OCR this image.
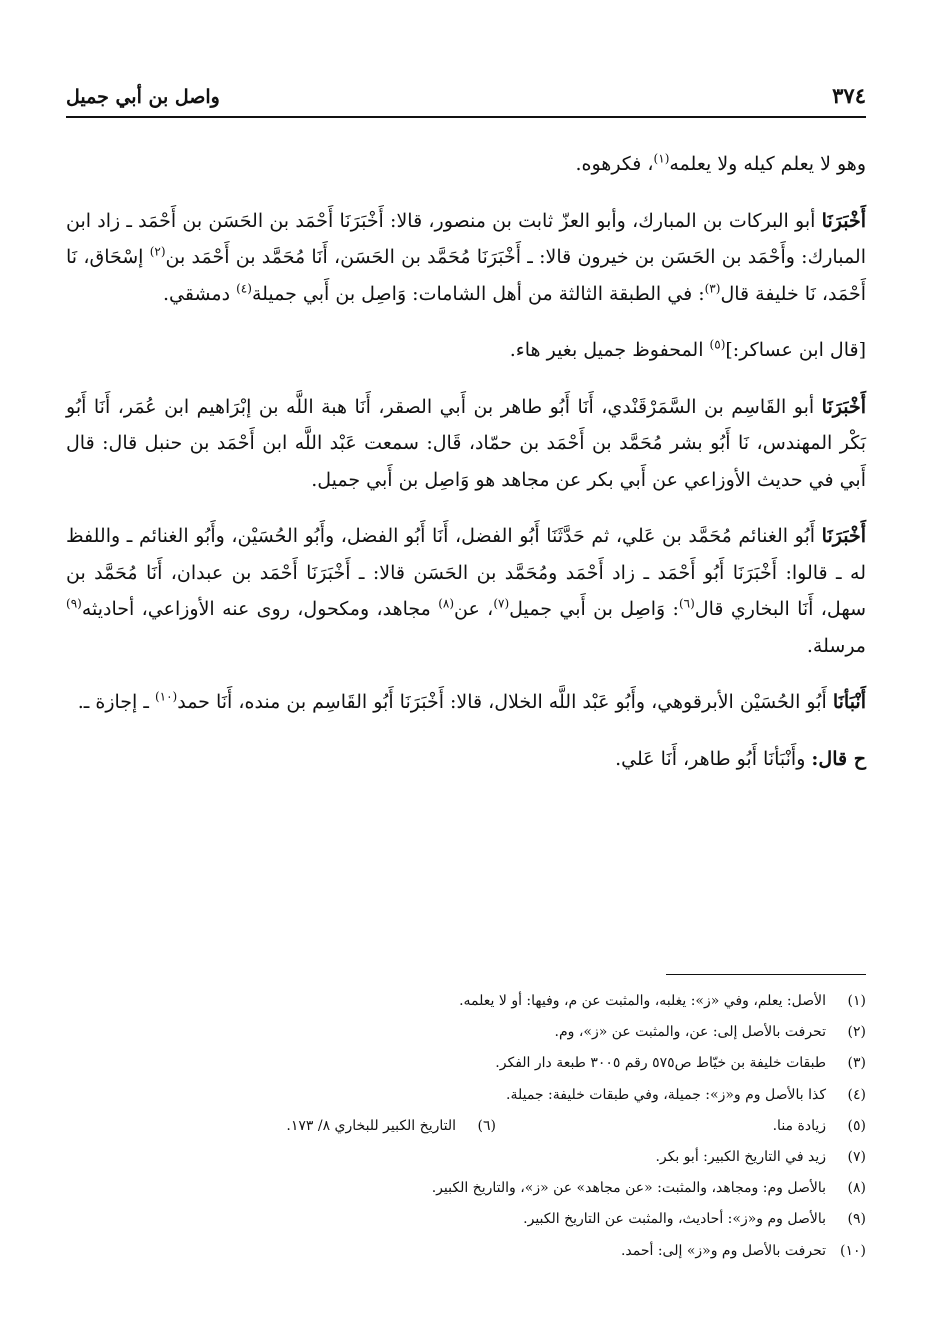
٣٧٤
واصل بن أبي جميل

وهو لا يعلم كيله ولا يعلمه$^{(١)}$، فكرهوه.

أَخْبَرَنَا أبو البركات بن المبارك، وأبو العزّ ثابت بن منصور، قالا: أَخْبَرَنَا أَحْمَد بن الحَسَن بن أَحْمَد ـ زاد ابن المبارك: وأَحْمَد بن الحَسَن بن خيرون قالا: ـ أَخْبَرَنَا مُحَمَّد بن الحَسَن، أَنَا مُحَمَّد بن أَحْمَد بن$^{(٢)}$ إسْحَاق، نَا أَحْمَد، نَا خليفة قال$^{(٣)}$: في الطبقة الثالثة من أهل الشامات: وَاصِل بن أَبي جميلة$^{(٤)}$ دمشقي.

[قال ابن عساكر:]$^{(٥)}$ المحفوظ جميل بغير هاء.

أَخْبَرَنَا أبو القَاسِم بن السَّمَرْقَنْدي، أَنَا أَبُو طاهر بن أَبي الصقر، أَنَا هبة اللَّه بن إبْرَاهيم ابن عُمَر، أَنَا أَبُو بَكْر المهندس، نَا أَبُو بشر مُحَمَّد بن أَحْمَد بن حمّاد، قَال: سمعت عَبْد اللَّه ابن أَحْمَد بن حنبل قال: قال أَبي في حديث الأوزاعي عن أَبي بكر عن مجاهد هو وَاصِل بن أَبي جميل.

أَخْبَرَنَا أَبُو الغنائم مُحَمَّد بن عَلي، ثم حَدَّثَنَا أَبُو الفضل، أَنَا أَبُو الفضل، وأَبُو الحُسَيْن، وأَبُو الغنائم ـ واللفظ له ـ قالوا: أَخْبَرَنَا أَبُو أَحْمَد ـ زاد أَحْمَد ومُحَمَّد بن الحَسَن قالا: ـ أَخْبَرَنَا أَحْمَد بن عبدان، أَنَا مُحَمَّد بن سهل، أَنَا البخاري قال$^{(٦)}$: وَاصِل بن أَبي جميل$^{(٧)}$، عن$^{(٨)}$ مجاهد، ومكحول، روى عنه الأوزاعي، أحاديثه$^{(٩)}$ مرسلة.

أَنْبَأنَا أَبُو الحُسَيْن الأبرقوهي، وأَبُو عَبْد اللَّه الخلال، قالا: أَخْبَرَنَا أَبُو القَاسِم بن منده، أَنَا حمد$^{(١٠)}$ ـ إجازة ـ.

ح قال: وأَنْبَأنَا أَبُو طاهر، أَنَا عَلي.

(١)
الأصل: يعلم، وفي «ز»: يغلبه، والمثبت عن م، وفيها: أو لا يعلمه.
(٢)
تحرفت بالأصل إلى: عن، والمثبت عن «ز»، وم.
(٣)
طبقات خليفة بن خيّاط ص٥٧٥ رقم ٣٠٠٥ طبعة دار الفكر.
(٤)
كذا بالأصل وم و«ز»: جميلة، وفي طبقات خليفة: جميلة.
(٥)
زيادة منا.
(٦)
التاريخ الكبير للبخاري ٨/ ١٧٣.
(٧)
زيد في التاريخ الكبير: أبو بكر.
(٨)
بالأصل وم: ومجاهد، والمثبت: «عن مجاهد» عن «ز»، والتاريخ الكبير.
(٩)
بالأصل وم و«ز»: أحاديث، والمثبت عن التاريخ الكبير.
(١٠)
تحرفت بالأصل وم و«ز» إلى: أحمد.
